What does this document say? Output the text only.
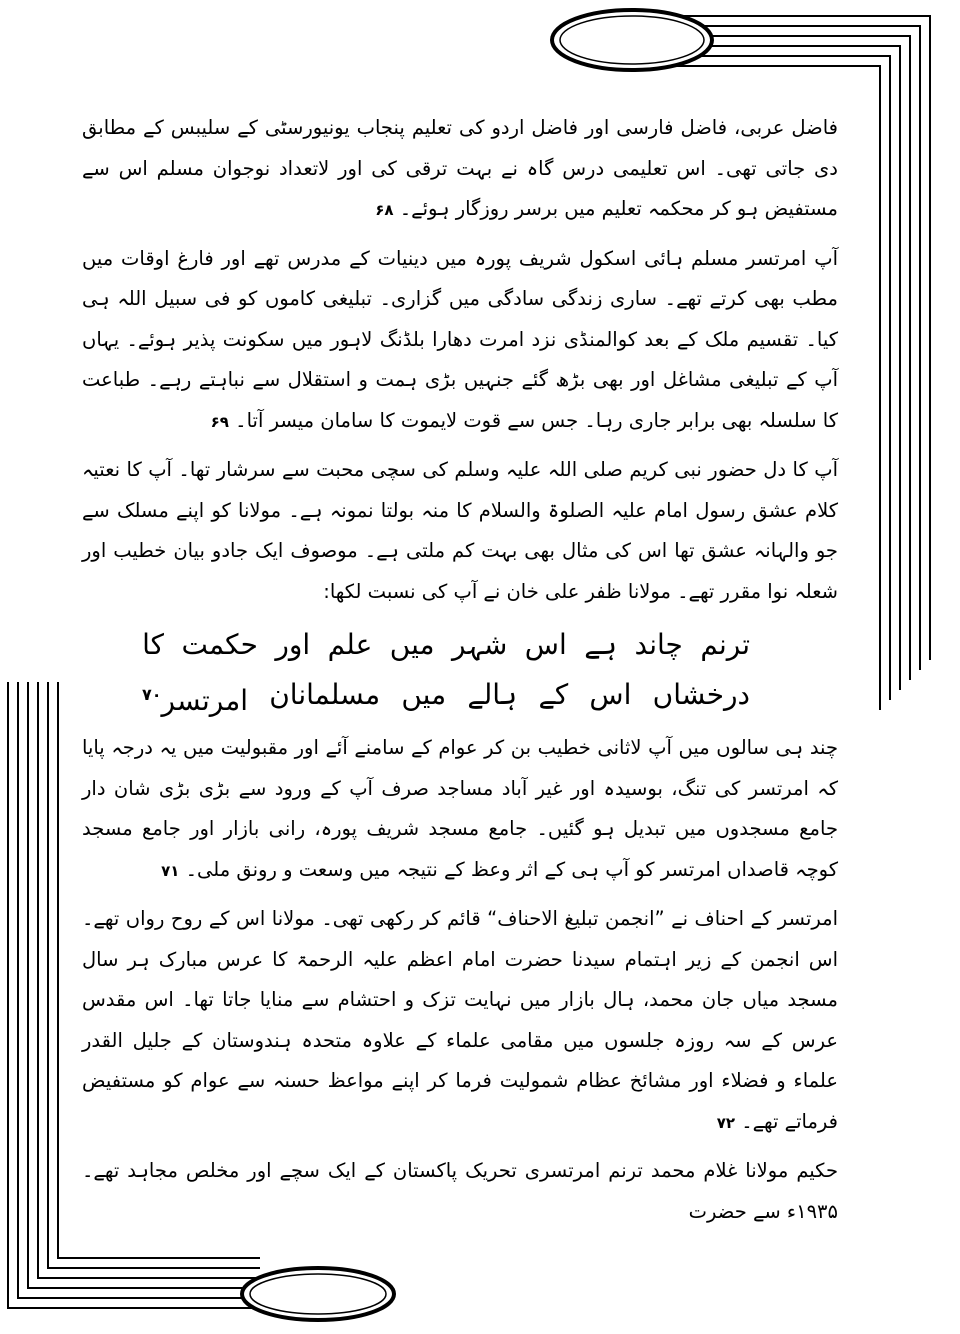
فاضل عربی، فاضل فارسی اور فاضل اردو کی تعلیم پنجاب یونیورسٹی کے سلیبس کے مطابق دی جاتی تھی۔ اس تعلیمی درس گاہ نے بہت ترقی کی اور لاتعداد نوجوان مسلم اس سے مستفیض ہو کر محکمہ تعلیم میں برسر روزگار ہوئے۔ ۶۸

آپ امرتسر مسلم ہائی اسکول شریف پورہ میں دینیات کے مدرس تھے اور فارغ اوقات میں مطب بھی کرتے تھے۔ ساری زندگی سادگی میں گزاری۔ تبلیغی کاموں کو فی سبیل اللہ ہی کیا۔ تقسیم ملک کے بعد کوالمنڈی نزد امرت دھارا بلڈنگ لاہور میں سکونت پذیر ہوئے۔ یہاں آپ کے تبلیغی مشاغل اور بھی بڑھ گئے جنہیں بڑی ہمت و استقلال سے نباہتے رہے۔ طباعت کا سلسلہ بھی برابر جاری رہا۔ جس سے قوت لایموت کا سامان میسر آتا۔ ۶۹

آپ کا دل حضور نبی کریم صلی اللہ علیہ وسلم کی سچی محبت سے سرشار تھا۔ آپ کا نعتیہ کلام عشق رسول امام علیہ الصلوۃ والسلام کا منہ بولتا نمونہ ہے۔ مولانا کو اپنے مسلک سے جو والہانہ عشق تھا اس کی مثال بھی بہت کم ملتی ہے۔ موصوف ایک جادو بیان خطیب اور شعلہ نوا مقرر تھے۔ مولانا ظفر علی خان نے آپ کی نسبت لکھا:

ترنم
چاند
ہے
اس
شہر
میں
علم
اور
حکمت
کا
درخشاں
اس
کے
ہالے
میں
مسلمانان
امرتسر۷۰

چند ہی سالوں میں آپ لاثانی خطیب بن کر عوام کے سامنے آئے اور مقبولیت میں یہ درجہ پایا کہ امرتسر کی تنگ، بوسیدہ اور غیر آباد مساجد صرف آپ کے ورود سے بڑی بڑی شان دار جامع مسجدوں میں تبدیل ہو گئیں۔ جامع مسجد شریف پورہ، رانی بازار اور جامع مسجد کوچہ قاصداں امرتسر کو آپ ہی کے اثر وعظ کے نتیجہ میں وسعت و رونق ملی۔ ۷۱

امرتسر کے احناف نے ”انجمن تبلیغ الاحناف“ قائم کر رکھی تھی۔ مولانا اس کے روح رواں تھے۔ اس انجمن کے زیر اہتمام سیدنا حضرت امام اعظم علیہ الرحمۃ کا عرس مبارک ہر سال مسجد میاں جان محمد، ہال بازار میں نہایت تزک و احتشام سے منایا جاتا تھا۔ اس مقدس عرس کے سہ روزہ جلسوں میں مقامی علماء کے علاوہ متحدہ ہندوستان کے جلیل القدر علماء و فضلاء اور مشائخ عظام شمولیت فرما کر اپنے مواعظ حسنہ سے عوام کو مستفیض فرماتے تھے۔ ۷۲

حکیم مولانا غلام محمد ترنم امرتسری تحریک پاکستان کے ایک سچے اور مخلص مجاہد تھے۔ ۱۹۳۵ء سے حضرت
